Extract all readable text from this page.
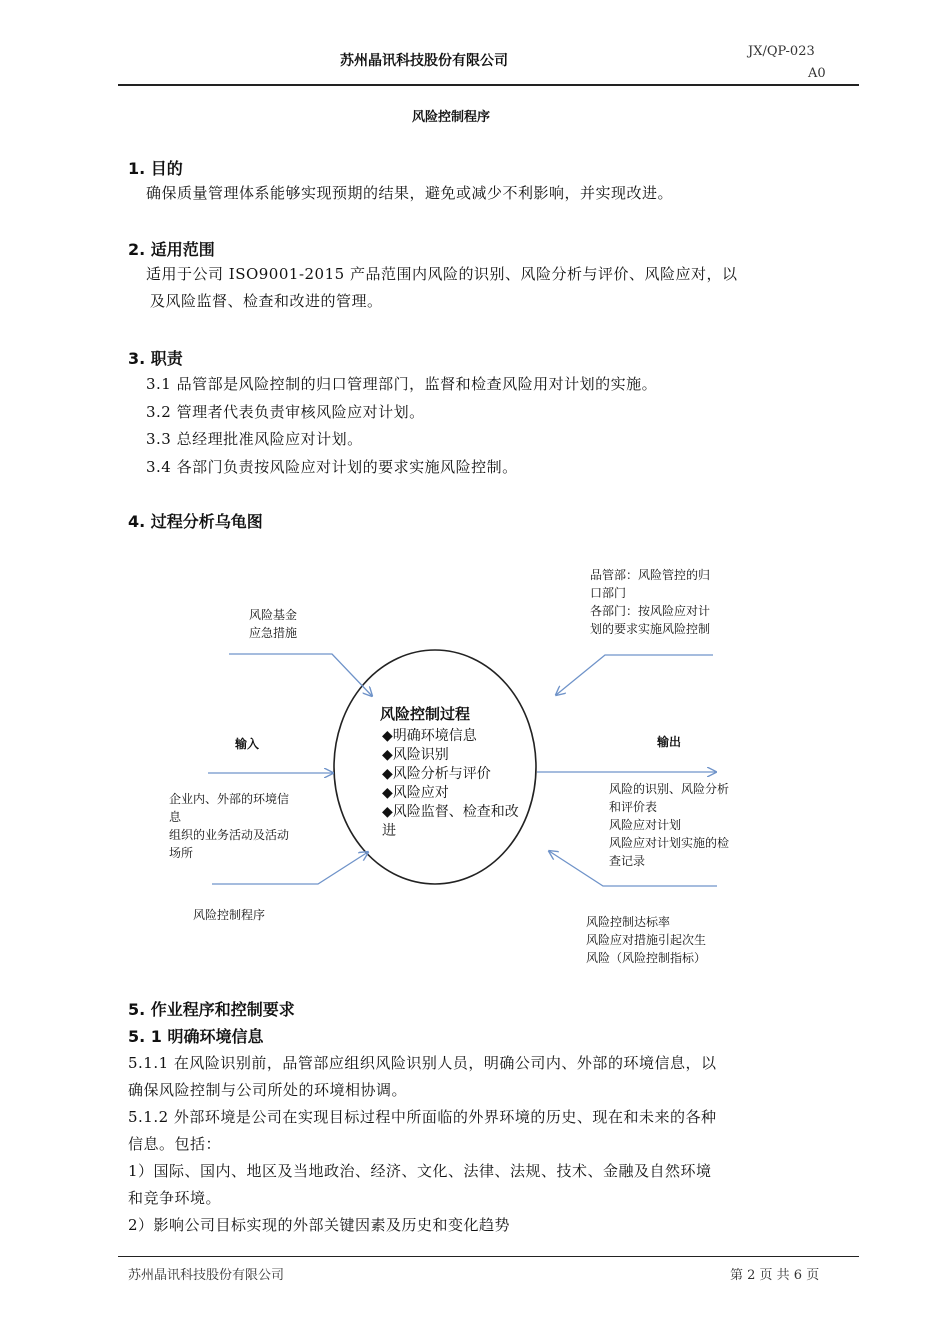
苏州晶讯科技股份有限公司
JX/QP-023
A0
风险控制程序
1. 目的
确保质量管理体系能够实现预期的结果，避免或减少不利影响，并实现改进。
2. 适用范围
适用于公司 ISO9001-2015 产品范围内风险的识别、风险分析与评价、风险应对，以
及风险监督、检查和改进的管理。
3. 职责
3.1 品管部是风险控制的归口管理部门，监督和检查风险用对计划的实施。
3.2 管理者代表负责审核风险应对计划。
3.3 总经理批准风险应对计划。
3.4 各部门负责按风险应对计划的要求实施风险控制。
4. 过程分析乌龟图
风险控制过程
◆明确环境信息
◆风险识别
◆风险分析与评价
◆风险应对
◆风险监督、检查和改
进
输入	输出
风险基金
应急措施
品管部：风险管控的归
口部门
各部门：按风险应对计
划的要求实施风险控制
企业内、外部的环境信
息
组织的业务活动及活动
场所
风险控制程序
风险的识别、风险分析
和评价表
风险应对计划
风险应对计划实施的检
查记录
风险控制达标率
风险应对措施引起次生
风险（风险控制指标）
5. 作业程序和控制要求
5. 1 明确环境信息
5.1.1 在风险识别前，品管部应组织风险识别人员，明确公司内、外部的环境信息，以
确保风险控制与公司所处的环境相协调。
5.1.2 外部环境是公司在实现目标过程中所面临的外界环境的历史、现在和未来的各种
信息。包括：
1）国际、国内、地区及当地政治、经济、文化、法律、法规、技术、金融及自然环境
和竞争环境。
2）影响公司目标实现的外部关键因素及历史和变化趋势
苏州晶讯科技股份有限公司	第 2 页 共 6 页
